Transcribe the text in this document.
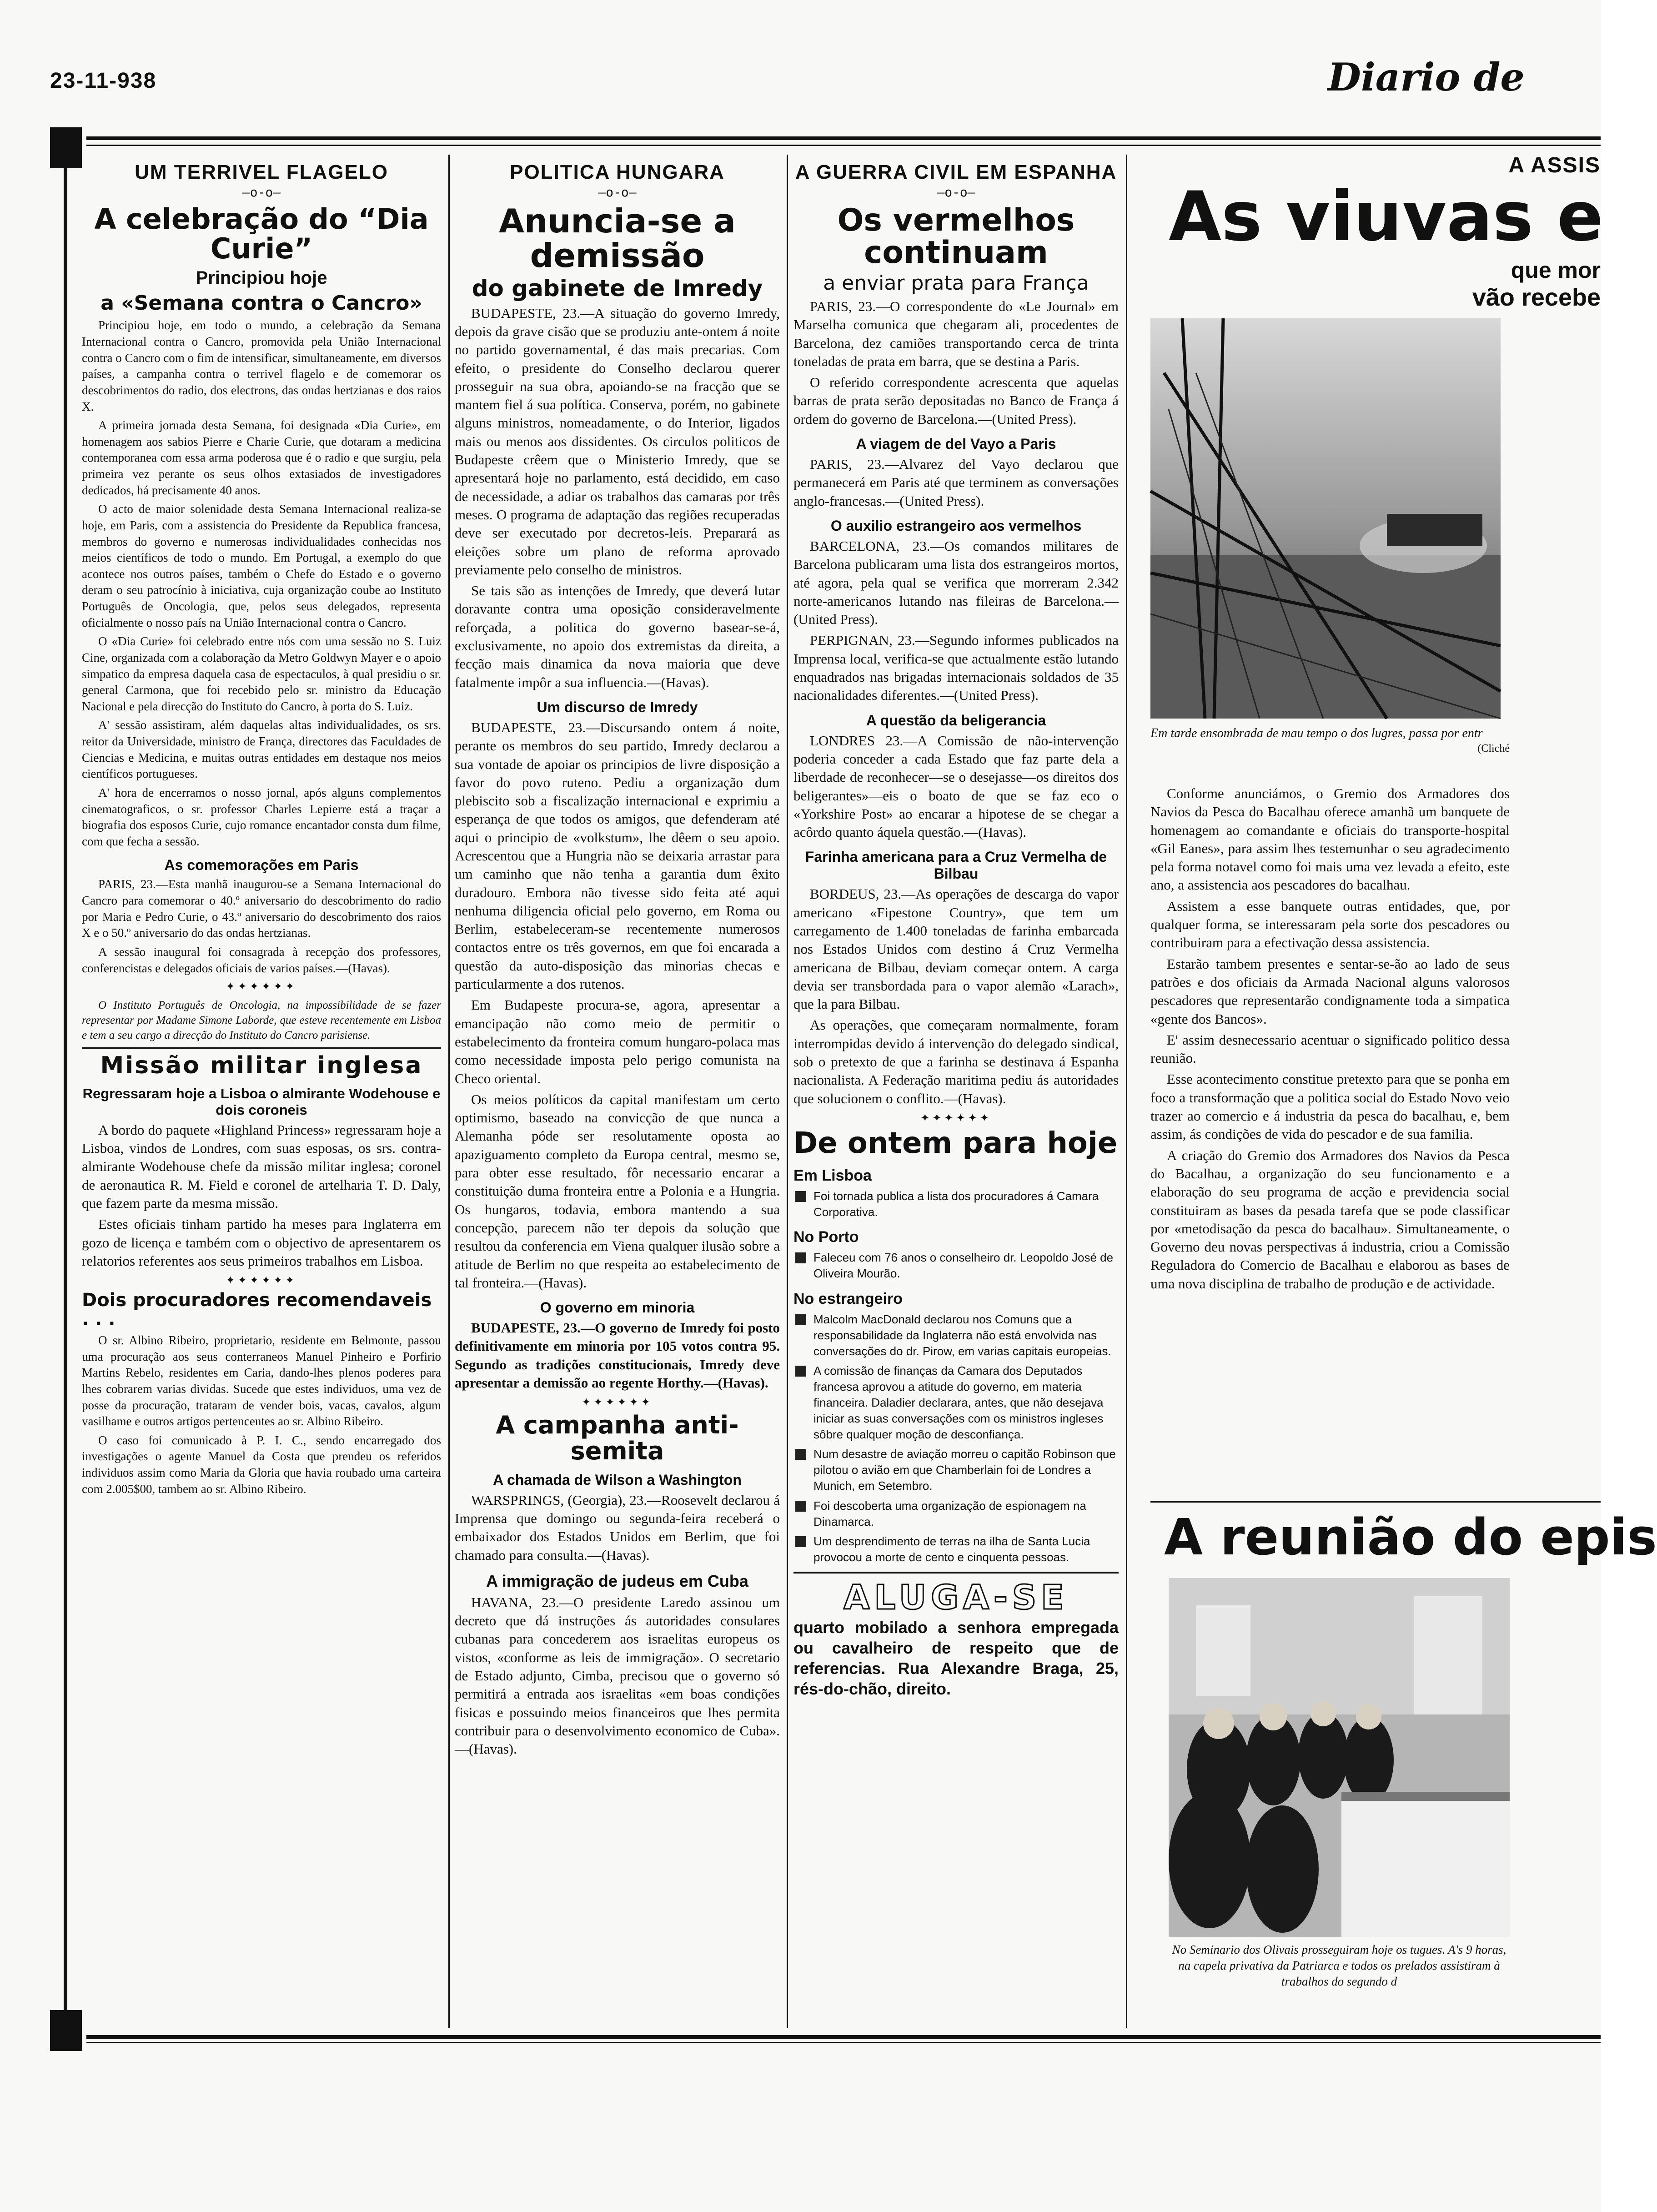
23-11-938	Diario de
UM TERRIVEL FLAGELO
—o-o—
A celebração do “Dia Curie”
Principiou hoje
a «Semana contra o Cancro»

Principiou hoje, em todo o mundo, a celebração da Semana Internacional contra o Cancro, promovida pela União Internacional contra o Cancro com o fim de intensificar, simultaneamente, em diversos países, a campanha contra o terrivel flagelo e de comemorar os descobrimentos do radio, dos electrons, das ondas hertzianas e dos raios X.

A primeira jornada desta Semana, foi designada «Dia Curie», em homenagem aos sabios Pierre e Charie Curie, que dotaram a medicina contemporanea com essa arma poderosa que é o radio e que surgiu, pela primeira vez perante os seus olhos extasiados de investigadores dedicados, há precisamente 40 anos.

O acto de maior solenidade desta Semana Internacional realiza-se hoje, em Paris, com a assistencia do Presidente da Republica francesa, membros do governo e numerosas individualidades conhecidas nos meios científicos de todo o mundo. Em Portugal, a exemplo do que acontece nos outros países, também o Chefe do Estado e o governo deram o seu patrocínio à iniciativa, cuja organização coube ao Instituto Português de Oncologia, que, pelos seus delegados, representa oficialmente o nosso país na União Internacional contra o Cancro.

O «Dia Curie» foi celebrado entre nós com uma sessão no S. Luiz Cine, organizada com a colaboração da Metro Goldwyn Mayer e o apoio simpatico da empresa daquela casa de espectaculos, à qual presidiu o sr. general Carmona, que foi recebido pelo sr. ministro da Educação Nacional e pela direcção do Instituto do Cancro, à porta do S. Luiz.

A' sessão assistiram, além daquelas altas individualidades, os srs. reitor da Universidade, ministro de França, directores das Faculdades de Ciencias e Medicina, e muitas outras entidades em destaque nos meios científicos portugueses.

A' hora de encerramos o nosso jornal, após alguns complementos cinematograficos, o sr. professor Charles Lepierre está a traçar a biografia dos esposos Curie, cujo romance encantador consta dum filme, com que fecha a sessão.

As comemorações em Paris

PARIS, 23.—Esta manhã inaugurou-se a Semana Internacional do Cancro para comemorar o 40.º aniversario do descobrimento do radio por Maria e Pedro Curie, o 43.º aniversario do descobrimento dos raios X e o 50.º aniversario do das ondas hertzianas.

A sessão inaugural foi consagrada à recepção dos professores, conferencistas e delegados oficiais de varios países.—(Havas).

✦✦✦✦✦✦

O Instituto Português de Oncologia, na impossibilidade de se fazer representar por Madame Simone Laborde, que esteve recentemente em Lisboa e tem a seu cargo a direcção do Instituto do Cancro parisiense.

Missão militar inglesa
Regressaram hoje a Lisboa o almirante Wodehouse e dois coroneis

A bordo do paquete «Highland Princess» regressaram hoje a Lisboa, vindos de Londres, com suas esposas, os srs. contra-almirante Wodehouse chefe da missão militar inglesa; coronel de aeronautica R. M. Field e coronel de artelharia T. D. Daly, que fazem parte da mesma missão.

Estes oficiais tinham partido ha meses para Inglaterra em gozo de licença e também com o objectivo de apresentarem os relatorios referentes aos seus primeiros trabalhos em Lisboa.

✦✦✦✦✦✦
Dois procuradores recomendaveis . . .

O sr. Albino Ribeiro, proprietario, residente em Belmonte, passou uma procuração aos seus conterraneos Manuel Pinheiro e Porfirio Martins Rebelo, residentes em Caria, dando-lhes plenos poderes para lhes cobrarem varias dividas. Sucede que estes individuos, uma vez de posse da procuração, trataram de vender bois, vacas, cavalos, algum vasilhame e outros artigos pertencentes ao sr. Albino Ribeiro.

O caso foi comunicado à P. I. C., sendo encarregado dos investigações o agente Manuel da Costa que prendeu os referidos individuos assim como Maria da Gloria que havia roubado uma carteira com 2.005$00, tambem ao sr. Albino Ribeiro.

POLITICA HUNGARA
—o-o—
Anuncia-se a demissão
do gabinete de Imredy

BUDAPESTE, 23.—A situação do governo Imredy, depois da grave cisão que se produziu ante-ontem á noite no partido governamental, é das mais precarias. Com efeito, o presidente do Conselho declarou querer prosseguir na sua obra, apoiando-se na fracção que se mantem fiel á sua política. Conserva, porém, no gabinete alguns ministros, nomeadamente, o do Interior, ligados mais ou menos aos dissidentes. Os circulos politicos de Budapeste crêem que o Ministerio Imredy, que se apresentará hoje no parlamento, está decidido, em caso de necessidade, a adiar os trabalhos das camaras por três meses. O programa de adaptação das regiões recuperadas deve ser executado por decretos-leis. Preparará as eleições sobre um plano de reforma aprovado previamente pelo conselho de ministros.

Se tais são as intenções de Imredy, que deverá lutar doravante contra uma oposição consideravelmente reforçada, a politica do governo basear-se-á, exclusivamente, no apoio dos extremistas da direita, a fecção mais dinamica da nova maioria que deve fatalmente impôr a sua influencia.—(Havas).

Um discurso de Imredy

BUDAPESTE, 23.—Discursando ontem á noite, perante os membros do seu partido, Imredy declarou a sua vontade de apoiar os principios de livre disposição a favor do povo ruteno. Pediu a organização dum plebiscito sob a fiscalização internacional e exprimiu a esperança de que todos os amigos, que defenderam até aqui o principio de «volkstum», lhe dêem o seu apoio. Acrescentou que a Hungria não se deixaria arrastar para um caminho que não tenha a garantia dum êxito duradouro. Embora não tivesse sido feita até aqui nenhuma diligencia oficial pelo governo, em Roma ou Berlim, estabeleceram-se recentemente numerosos contactos entre os três governos, em que foi encarada a questão da auto-disposição das minorias checas e particularmente a dos rutenos.

Em Budapeste procura-se, agora, apresentar a emancipação não como meio de permitir o estabelecimento da fronteira comum hungaro-polaca mas como necessidade imposta pelo perigo comunista na Checo oriental.

Os meios políticos da capital manifestam um certo optimismo, baseado na convicção de que nunca a Alemanha póde ser resolutamente oposta ao apaziguamento completo da Europa central, mesmo se, para obter esse resultado, fôr necessario encarar a constituição duma fronteira entre a Polonia e a Hungria. Os hungaros, todavia, embora mantendo a sua concepção, parecem não ter depois da solução que resultou da conferencia em Viena qualquer ilusão sobre a atitude de Berlim no que respeita ao estabelecimento de tal fronteira.—(Havas).

O governo em minoria

BUDAPESTE, 23.—O governo de Imredy foi posto definitivamente em minoria por 105 votos contra 95. Segundo as tradições constitucionais, Imredy deve apresentar a demissão ao regente Horthy.—(Havas).

✦✦✦✦✦✦
A campanha anti-semita
A chamada de Wilson a Washington

WARSPRINGS, (Georgia), 23.—Roosevelt declarou á Imprensa que domingo ou segunda-feira receberá o embaixador dos Estados Unidos em Berlim, que foi chamado para consulta.—(Havas).

A immigração de judeus em Cuba

HAVANA, 23.—O presidente Laredo assinou um decreto que dá instruções ás autoridades consulares cubanas para concederem aos israelitas europeus os vistos, «conforme as leis de immigração». O secretario de Estado adjunto, Cimba, precisou que o governo só permitirá a entrada aos israelitas «em boas condições fisicas e possuindo meios financeiros que lhes permita contribuir para o desenvolvimento economico de Cuba».—(Havas).

A GUERRA CIVIL EM ESPANHA
—o-o—
Os vermelhos continuam
a enviar prata para França

PARIS, 23.—O correspondente do «Le Journal» em Marselha comunica que chegaram ali, procedentes de Barcelona, dez camiões transportando cerca de trinta toneladas de prata em barra, que se destina a Paris.

O referido correspondente acrescenta que aquelas barras de prata serão depositadas no Banco de França á ordem do governo de Barcelona.—(United Press).

A viagem de del Vayo a Paris

PARIS, 23.—Alvarez del Vayo declarou que permanecerá em Paris até que terminem as conversações anglo-francesas.—(United Press).

O auxilio estrangeiro aos vermelhos

BARCELONA, 23.—Os comandos militares de Barcelona publicaram uma lista dos estrangeiros mortos, até agora, pela qual se verifica que morreram 2.342 norte-americanos lutando nas fileiras de Barcelona.—(United Press).

PERPIGNAN, 23.—Segundo informes publicados na Imprensa local, verifica-se que actualmente estão lutando enquadrados nas brigadas internacionais soldados de 35 nacionalidades diferentes.—(United Press).

A questão da beligerancia

LONDRES 23.—A Comissão de não-intervenção poderia conceder a cada Estado que faz parte dela a liberdade de reconhecer—se o desejasse—os direitos dos beligerantes»—eis o boato de que se faz eco o «Yorkshire Post» ao encarar a hipotese de se chegar a acôrdo quanto áquela questão.—(Havas).

Farinha americana para a Cruz Vermelha de Bilbau

BORDEUS, 23.—As operações de descarga do vapor americano «Fipestone Country», que tem um carregamento de 1.400 toneladas de farinha embarcada nos Estados Unidos com destino á Cruz Vermelha americana de Bilbau, deviam começar ontem. A carga devia ser transbordada para o vapor alemão «Larach», que la para Bilbau.

As operações, que começaram normalmente, foram interrompidas devido á intervenção do delegado sindical, sob o pretexto de que a farinha se destinava á Espanha nacionalista. A Federação maritima pediu ás autoridades que solucionem o conflito.—(Havas).

✦✦✦✦✦✦
De ontem para hoje
Em Lisboa
Foi tornada publica a lista dos procuradores á Camara Corporativa.
No Porto
Faleceu com 76 anos o conselheiro dr. Leopoldo José de Oliveira Mourão.
No estrangeiro
Malcolm MacDonald declarou nos Comuns que a responsabilidade da Inglaterra não está envolvida nas conversações do dr. Pirow, em varias capitais europeias.
A comissão de finanças da Camara dos Deputados francesa aprovou a atitude do governo, em materia financeira. Daladier declarara, antes, que não desejava iniciar as suas conversações com os ministros ingleses sôbre qualquer moção de desconfiança.
Num desastre de aviação morreu o capitão Robinson que pilotou o avião em que Chamberlain foi de Londres a Munich, em Setembro.
Foi descoberta uma organização de espionagem na Dinamarca.
Um desprendimento de terras na ilha de Santa Lucia provocou a morte de cento e cinquenta pessoas.
ALUGA-SE
quarto mobilado a senhora empregada ou cavalheiro de respeito que de referencias. Rua Alexandre Braga, 25, rés-do-chão, direito.
A ASSIS
As viuvas e
que mor
vão recebe
Em tarde ensombrada de mau tempo o dos lugres, passa por entr
(Cliché

Conforme anunciámos, o Gremio dos Armadores dos Navios da Pesca do Bacalhau oferece amanhã um banquete de homenagem ao comandante e oficiais do transporte-hospital «Gil Eanes», para assim lhes testemunhar o seu agradecimento pela forma notavel como foi mais uma vez levada a efeito, este ano, a assistencia aos pescadores do bacalhau.

Assistem a esse banquete outras entidades, que, por qualquer forma, se interessaram pela sorte dos pescadores ou contribuiram para a efectivação dessa assistencia.

Estarão tambem presentes e sentar-se-ão ao lado de seus patrões e dos oficiais da Armada Nacional alguns valorosos pescadores que representarão condignamente toda a simpatica «gente dos Bancos».

E' assim desnecessario acentuar o significado politico dessa reunião.

Esse acontecimento constitue pretexto para que se ponha em foco a transformação que a politica social do Estado Novo veio trazer ao comercio e á industria da pesca do bacalhau, e, bem assim, ás condições de vida do pescador e de sua familia.

A criação do Gremio dos Armadores dos Navios da Pesca do Bacalhau, a organização do seu funcionamento e a elaboração do seu programa de acção e previdencia social constituiram as bases da pesada tarefa que se pode classificar por «metodisação da pesca do bacalhau». Simultaneamente, o Governo deu novas perspectivas á industria, criou a Comissão Reguladora do Comercio de Bacalhau e elaborou as bases de uma nova disciplina de trabalho de produção e de actividade.

A reunião do epis
No Seminario dos Olivais prosseguiram hoje os tugues. A's 9 horas, na capela privativa da Patriarca e todos os prelados assistiram à trabalhos do segundo d
